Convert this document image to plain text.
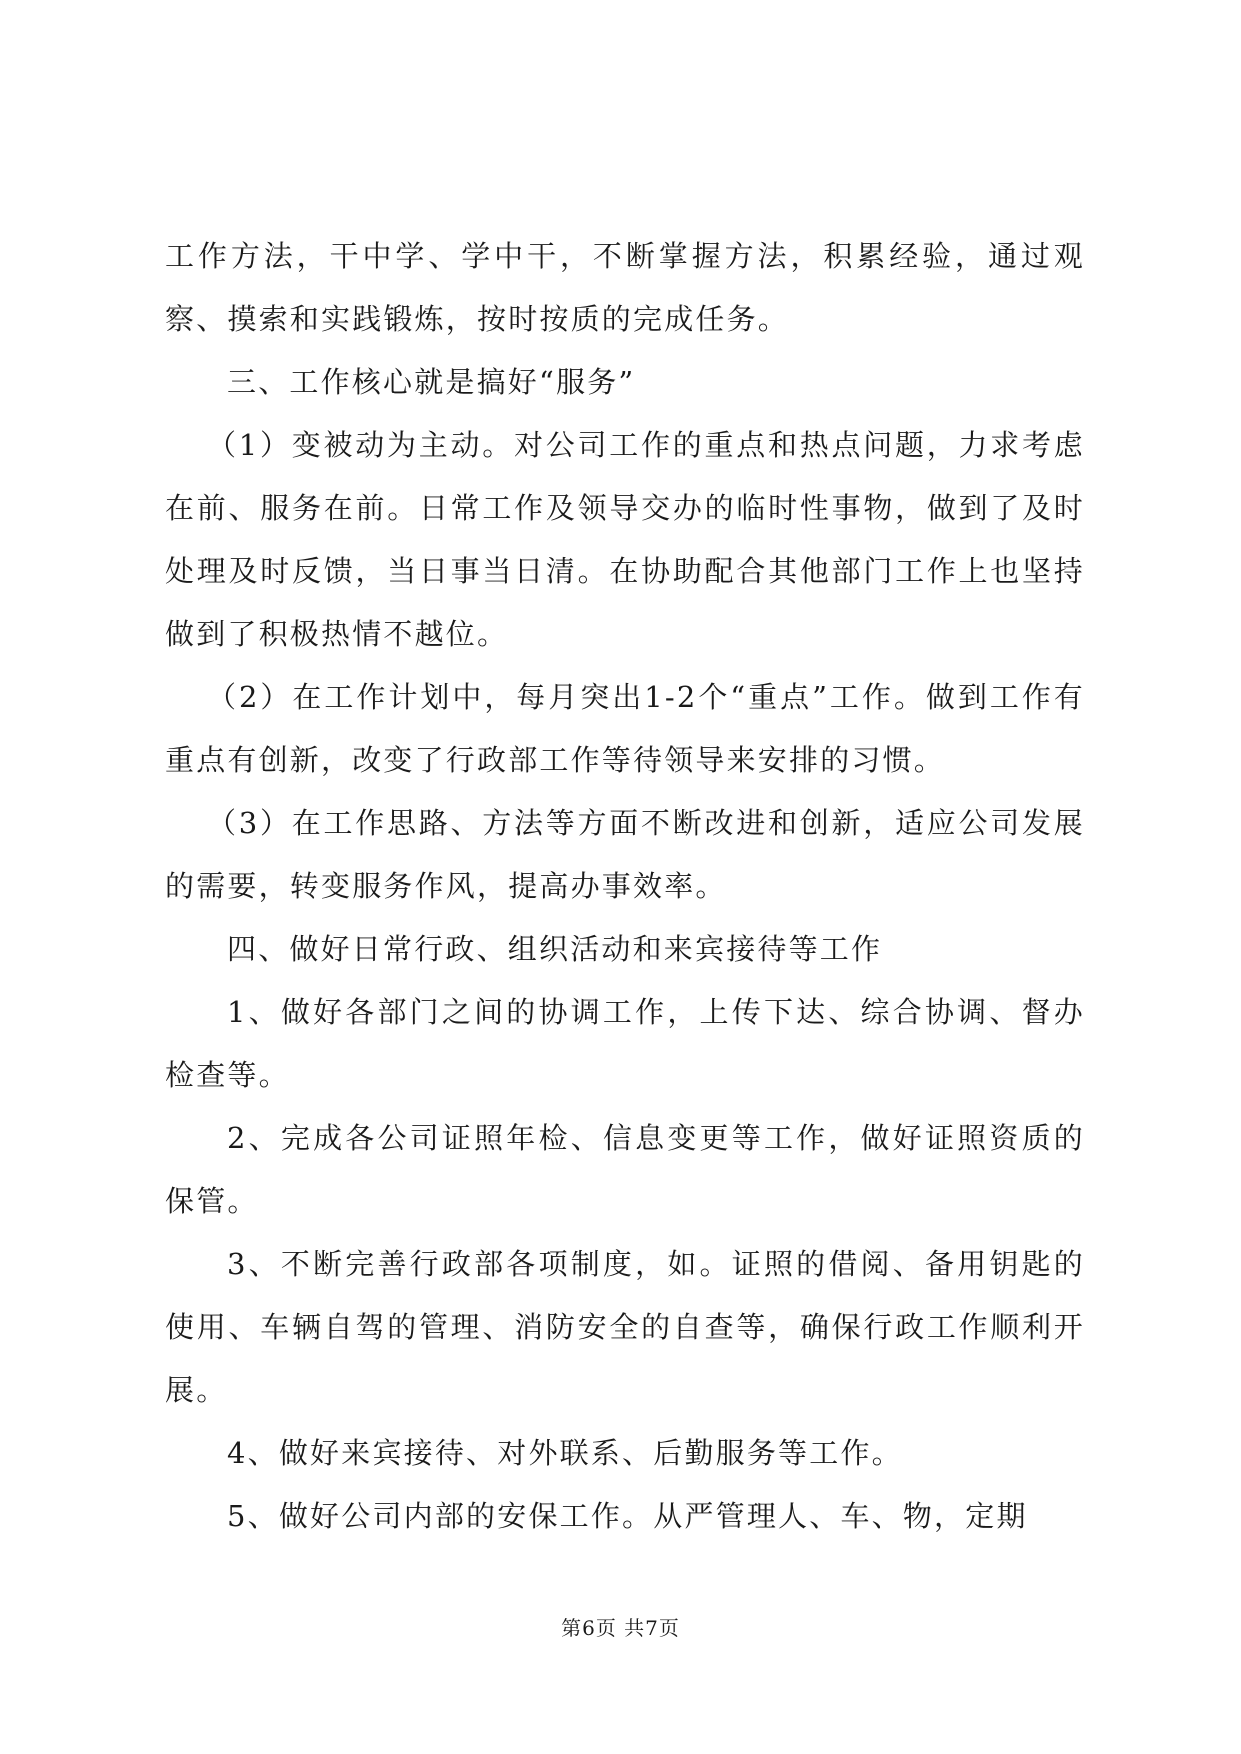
工作方法，干中学、学中干，不断掌握方法，积累经验，通过观察、摸索和实践锻炼，按时按质的完成任务。

三、工作核心就是搞好“服务”

（1）变被动为主动。对公司工作的重点和热点问题，力求考虑在前、服务在前。日常工作及领导交办的临时性事物，做到了及时处理及时反馈，当日事当日清。在协助配合其他部门工作上也坚持做到了积极热情不越位。

（2）在工作计划中，每月突出1-2个“重点”工作。做到工作有重点有创新，改变了行政部工作等待领导来安排的习惯。

（3）在工作思路、方法等方面不断改进和创新，适应公司发展的需要，转变服务作风，提高办事效率。

四、做好日常行政、组织活动和来宾接待等工作

1、做好各部门之间的协调工作，上传下达、综合协调、督办检查等。

2、完成各公司证照年检、信息变更等工作，做好证照资质的保管。

3、不断完善行政部各项制度，如。证照的借阅、备用钥匙的使用、车辆自驾的管理、消防安全的自查等，确保行政工作顺利开展。

4、做好来宾接待、对外联系、后勤服务等工作。

5、做好公司内部的安保工作。从严管理人、车、物，定期

第6页 共7页
